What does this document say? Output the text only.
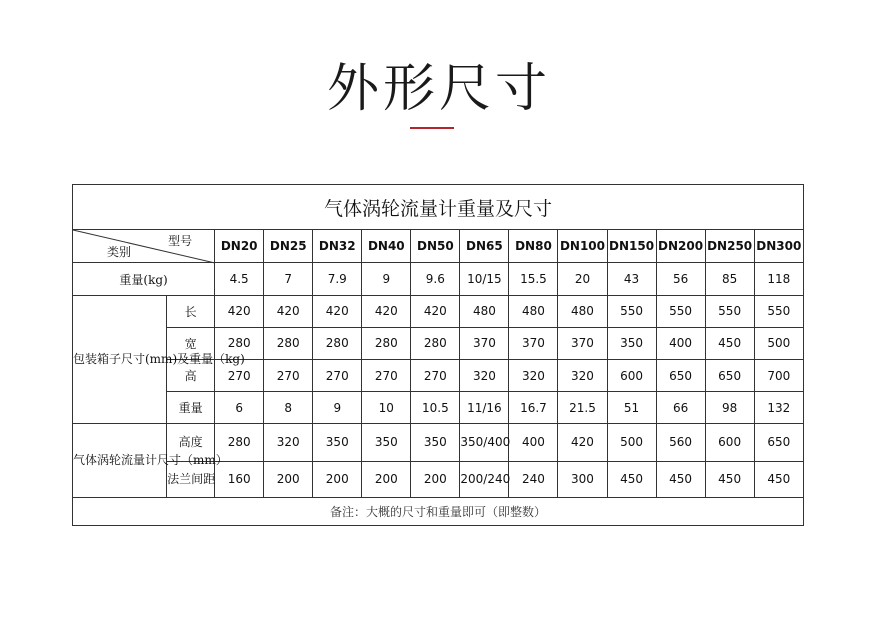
外形尺寸
气体涡轮流量计重量及尺寸													

型号
类别		DN20	DN25	DN32	DN40	DN50	DN65	DN80	DN100	DN150	DN200	DN250	DN300
重量(kg)		4.5	7	7.9	9	9.6	10/15	15.5	20	43	56	85	118
包装箱子尺寸(mm)及重量（kg)	长	420	420	420	420	420	480	480	480	550	550	550	550
	宽	280	280	280	280	280	370	370	370	350	400	450	500
	高	270	270	270	270	270	320	320	320	600	650	650	700
	重量	6	8	9	10	10.5	11/16	16.7	21.5	51	66	98	132
气体涡轮流量计尺寸（mm）	高度	280	320	350	350	350	350/400	400	420	500	560	600	650
	法兰间距	160	200	200	200	200	200/240	240	300	450	450	450	450
备注：大概的尺寸和重量即可（即整数）													
